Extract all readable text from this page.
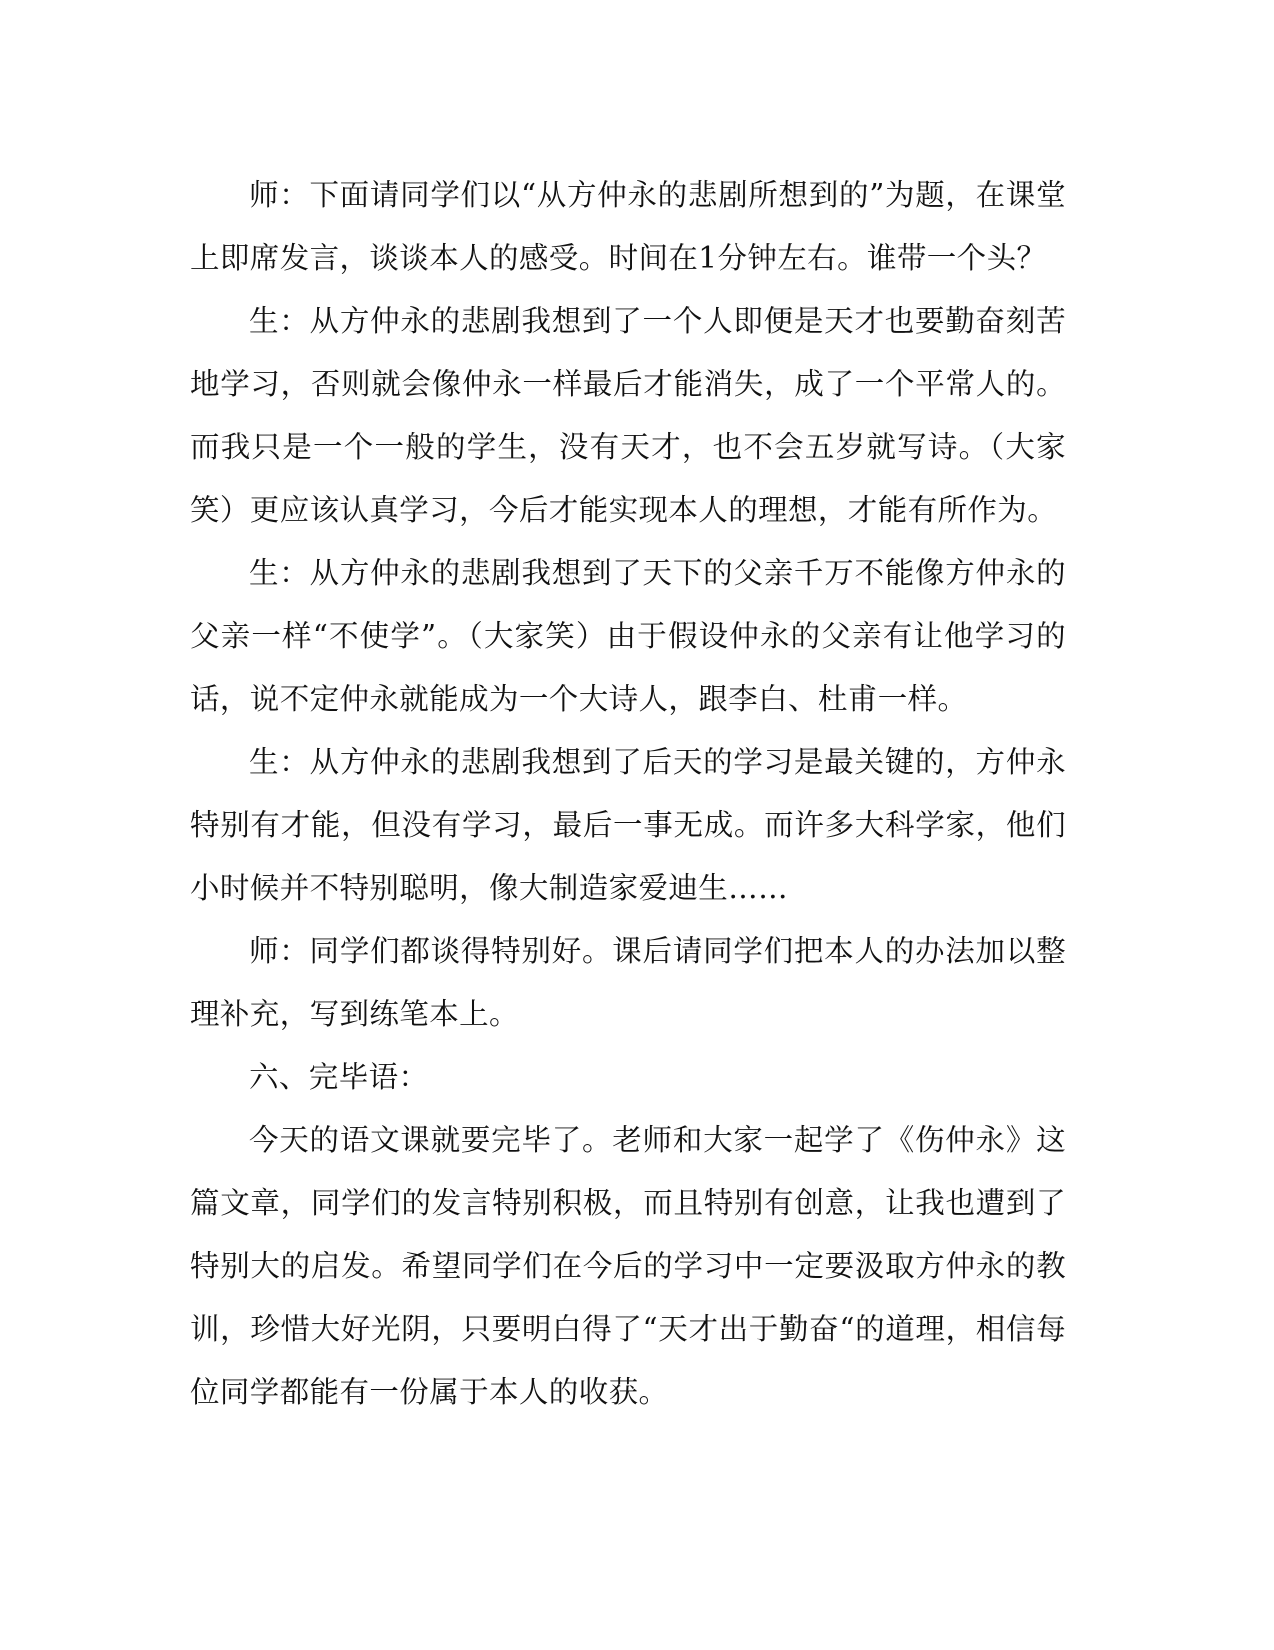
师：下面请同学们以“从方仲永的悲剧所想到的”为题，在课堂上即席发言，谈谈本人的感受。时间在1分钟左右。谁带一个头？

生：从方仲永的悲剧我想到了一个人即便是天才也要勤奋刻苦地学习，否则就会像仲永一样最后才能消失，成了一个平常人的。而我只是一个一般的学生，没有天才，也不会五岁就写诗。（大家笑）更应该认真学习，今后才能实现本人的理想，才能有所作为。

生：从方仲永的悲剧我想到了天下的父亲千万不能像方仲永的父亲一样“不使学”。（大家笑）由于假设仲永的父亲有让他学习的话，说不定仲永就能成为一个大诗人，跟李白、杜甫一样。

生：从方仲永的悲剧我想到了后天的学习是最关键的，方仲永特别有才能，但没有学习，最后一事无成。而许多大科学家，他们小时候并不特别聪明，像大制造家爱迪生……

师：同学们都谈得特别好。课后请同学们把本人的办法加以整理补充，写到练笔本上。

六、完毕语：

今天的语文课就要完毕了。老师和大家一起学了《伤仲永》这篇文章，同学们的发言特别积极，而且特别有创意，让我也遭到了特别大的启发。希望同学们在今后的学习中一定要汲取方仲永的教训，珍惜大好光阴，只要明白得了“天才出于勤奋“的道理，相信每位同学都能有一份属于本人的收获。
